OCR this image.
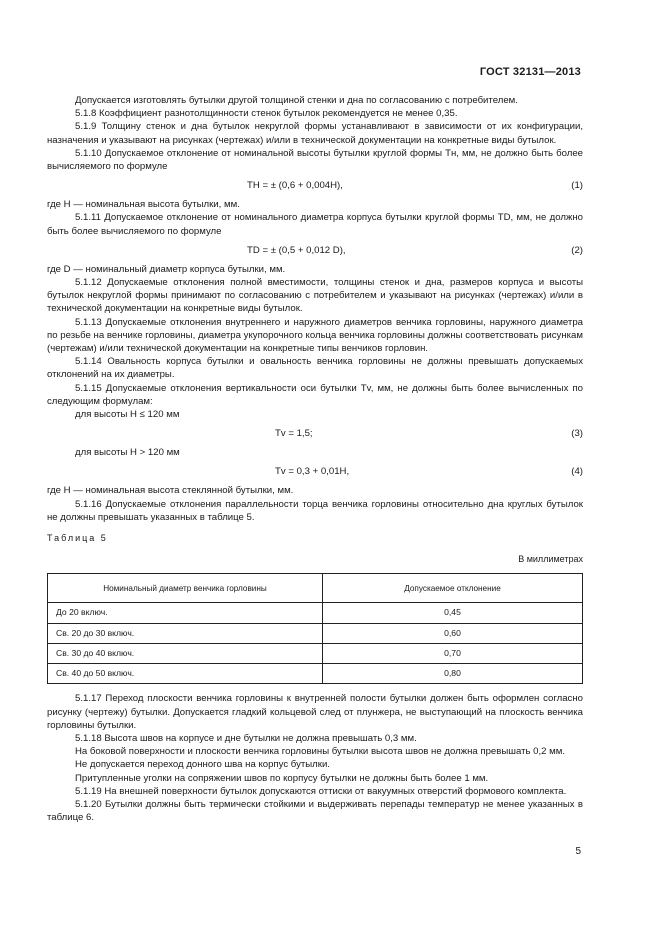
ГОСТ 32131—2013

Допускается изготовлять бутылки другой толщиной стенки и дна по согласованию с потребителем.

5.1.8 Коэффициент разнотолщинности стенок бутылок рекомендуется не менее 0,35.

5.1.9 Толщину стенок и дна бутылок некруглой формы устанавливают в зависимости от их конфигурации, назначения и указывают на рисунках (чертежах) и/или в технической документации на конкретные виды бутылок.

5.1.10 Допускаемое отклонение от номинальной высоты бутылки круглой формы Tн, мм, не должно быть более вычисляемого по формуле

TH = ± (0,6 + 0,004H),	(1)

где H — номинальная высота бутылки, мм.

5.1.11 Допускаемое отклонение от номинального диаметра корпуса бутылки круглой формы TD, мм, не должно быть более вычисляемого по формуле

TD = ± (0,5 + 0,012 D),	(2)

где D — номинальный диаметр корпуса бутылки, мм.

5.1.12 Допускаемые отклонения полной вместимости, толщины стенок и дна, размеров корпуса и высоты бутылок некруглой формы принимают по согласованию с потребителем и указывают на рисунках (чертежах) и/или в технической документации на конкретные виды бутылок.

5.1.13 Допускаемые отклонения внутреннего и наружного диаметров венчика горловины, наружного диаметра по резьбе на венчике горловины, диаметра укупорочного кольца венчика горловины должны соответствовать рисункам (чертежам) и/или технической документации на конкретные типы венчиков горловин.

5.1.14 Овальность корпуса бутылки и овальность венчика горловины не должны превышать допускаемых отклонений на их диаметры.

5.1.15 Допускаемые отклонения вертикальности оси бутылки Tv, мм, не должны быть более вычисленных по следующим формулам:

для высоты H ≤ 120 мм

Tv = 1,5;	(3)

для высоты H > 120 мм

Tv = 0,3 + 0,01H,	(4)

где H — номинальная высота стеклянной бутылки, мм.

5.1.16 Допускаемые отклонения параллельности торца венчика горловины относительно дна круглых бутылок не должны превышать указанных в таблице 5.

Таблица 5
В миллиметрах
Номинальный диаметр венчика горловины	Допускаемое отклонение
До 20 включ.	0,45
Св. 20 до 30 включ.	0,60
Св. 30 до 40 включ.	0,70
Св. 40 до 50 включ.	0,80

5.1.17 Переход плоскости венчика горловины к внутренней полости бутылки должен быть оформлен согласно рисунку (чертежу) бутылки. Допускается гладкий кольцевой след от плунжера, не выступающий на плоскость венчика горловины бутылки.

5.1.18 Высота швов на корпусе и дне бутылки не должна превышать 0,3 мм.

На боковой поверхности и плоскости венчика горловины бутылки высота швов не должна превышать 0,2 мм.

Не допускается переход донного шва на корпус бутылки.

Притупленные уголки на сопряжении швов по корпусу бутылки не должны быть более 1 мм.

5.1.19 На внешней поверхности бутылок допускаются оттиски от вакуумных отверстий формового комплекта.

5.1.20 Бутылки должны быть термически стойкими и выдерживать перепады температур не менее указанных в таблице 6.

5
